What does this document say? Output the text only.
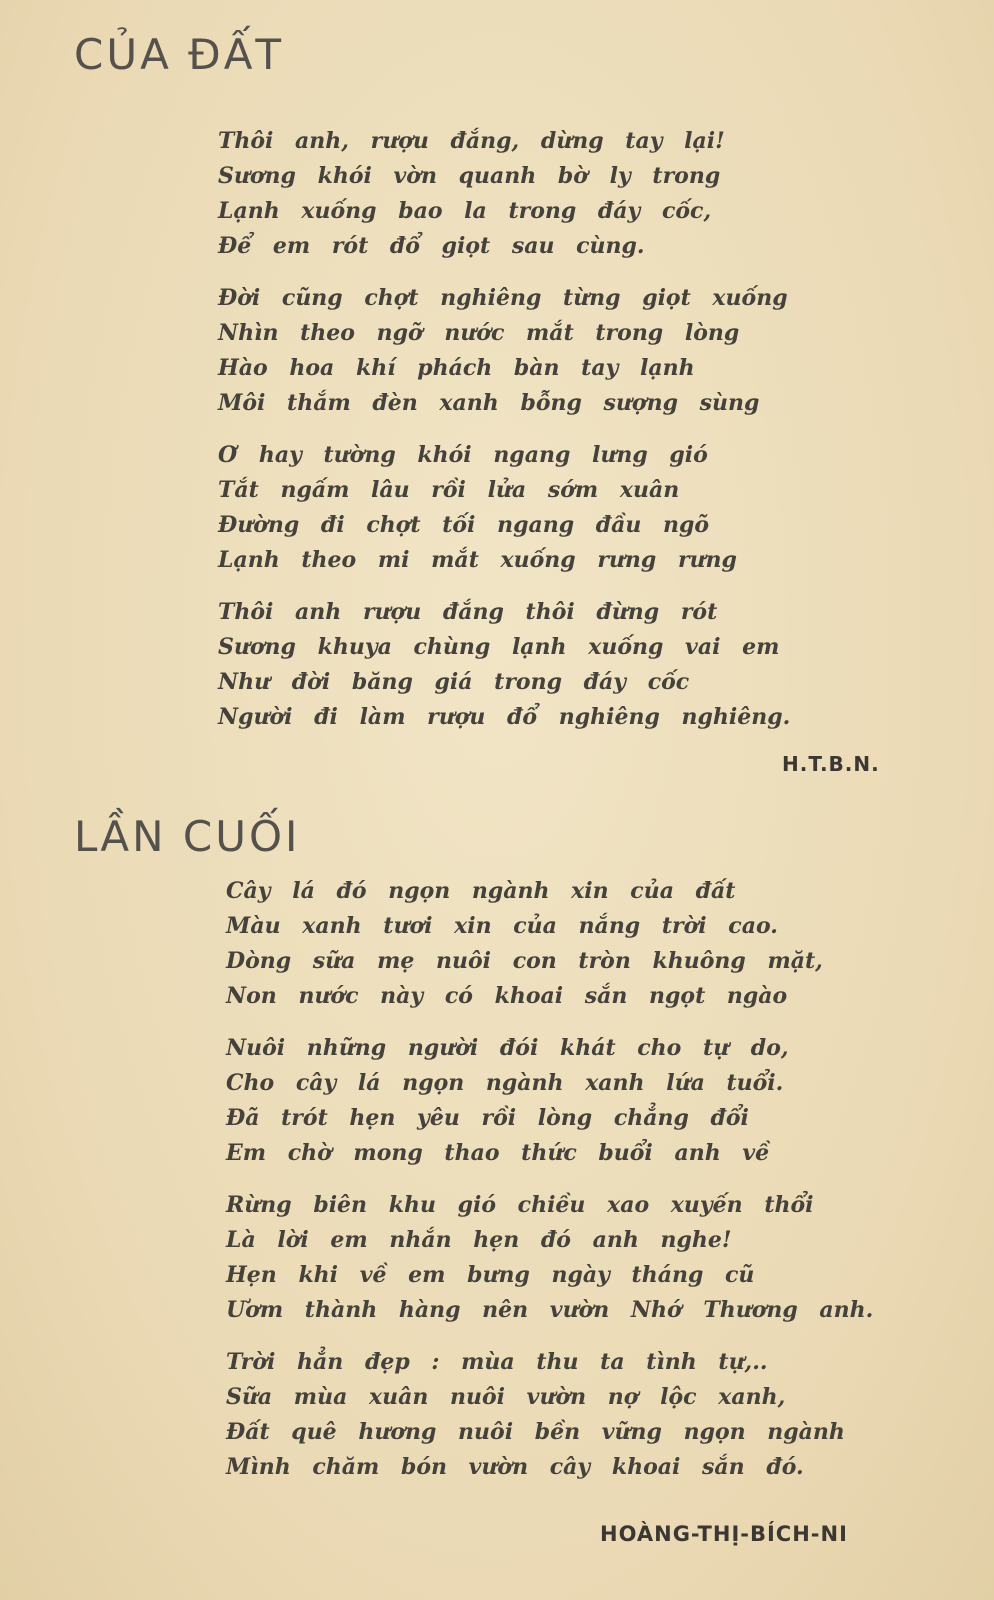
CỦA ĐẤT
Thôi anh, rượu đắng, dừng tay lại!
Sương khói vờn quanh bờ ly trong
Lạnh xuống bao la trong đáy cốc,
Để em rót đổ giọt sau cùng.
Đời cũng chợt nghiêng từng giọt xuống
Nhìn theo ngỡ nước mắt trong lòng
Hào hoa khí phách bàn tay lạnh
Môi thắm đèn xanh bỗng sượng sùng
Ơ hay tường khói ngang lưng gió
Tắt ngấm lâu rồi lửa sớm xuân
Đường đi chợt tối ngang đầu ngõ
Lạnh theo mi mắt xuống rưng rưng
Thôi anh rượu đắng thôi đừng rót
Sương khuya chùng lạnh xuống vai em
Như đời băng giá trong đáy cốc
Người đi làm rượu đổ nghiêng nghiêng.

H.T.B.N.

LẦN CUỐI
Cây lá đó ngọn ngành xin của đất
Màu xanh tươi xin của nắng trời cao.
Dòng sữa mẹ nuôi con tròn khuông mặt,
Non nước này có khoai sắn ngọt ngào
Nuôi những người đói khát cho tự do,
Cho cây lá ngọn ngành xanh lứa tuổi.
Đã trót hẹn yêu rồi lòng chẳng đổi
Em chờ mong thao thức buổi anh về
Rừng biên khu gió chiều xao xuyến thổi
Là lời em nhắn hẹn đó anh nghe!
Hẹn khi về em bưng ngày tháng cũ
Ươm thành hàng nên vườn Nhớ Thương anh.
Trời hẳn đẹp : mùa thu ta tình tự,..
Sữa mùa xuân nuôi vườn nợ lộc xanh,
Đất quê hương nuôi bền vững ngọn ngành
Mình chăm bón vườn cây khoai sắn đó.

HOÀNG-THỊ-BÍCH-NI
